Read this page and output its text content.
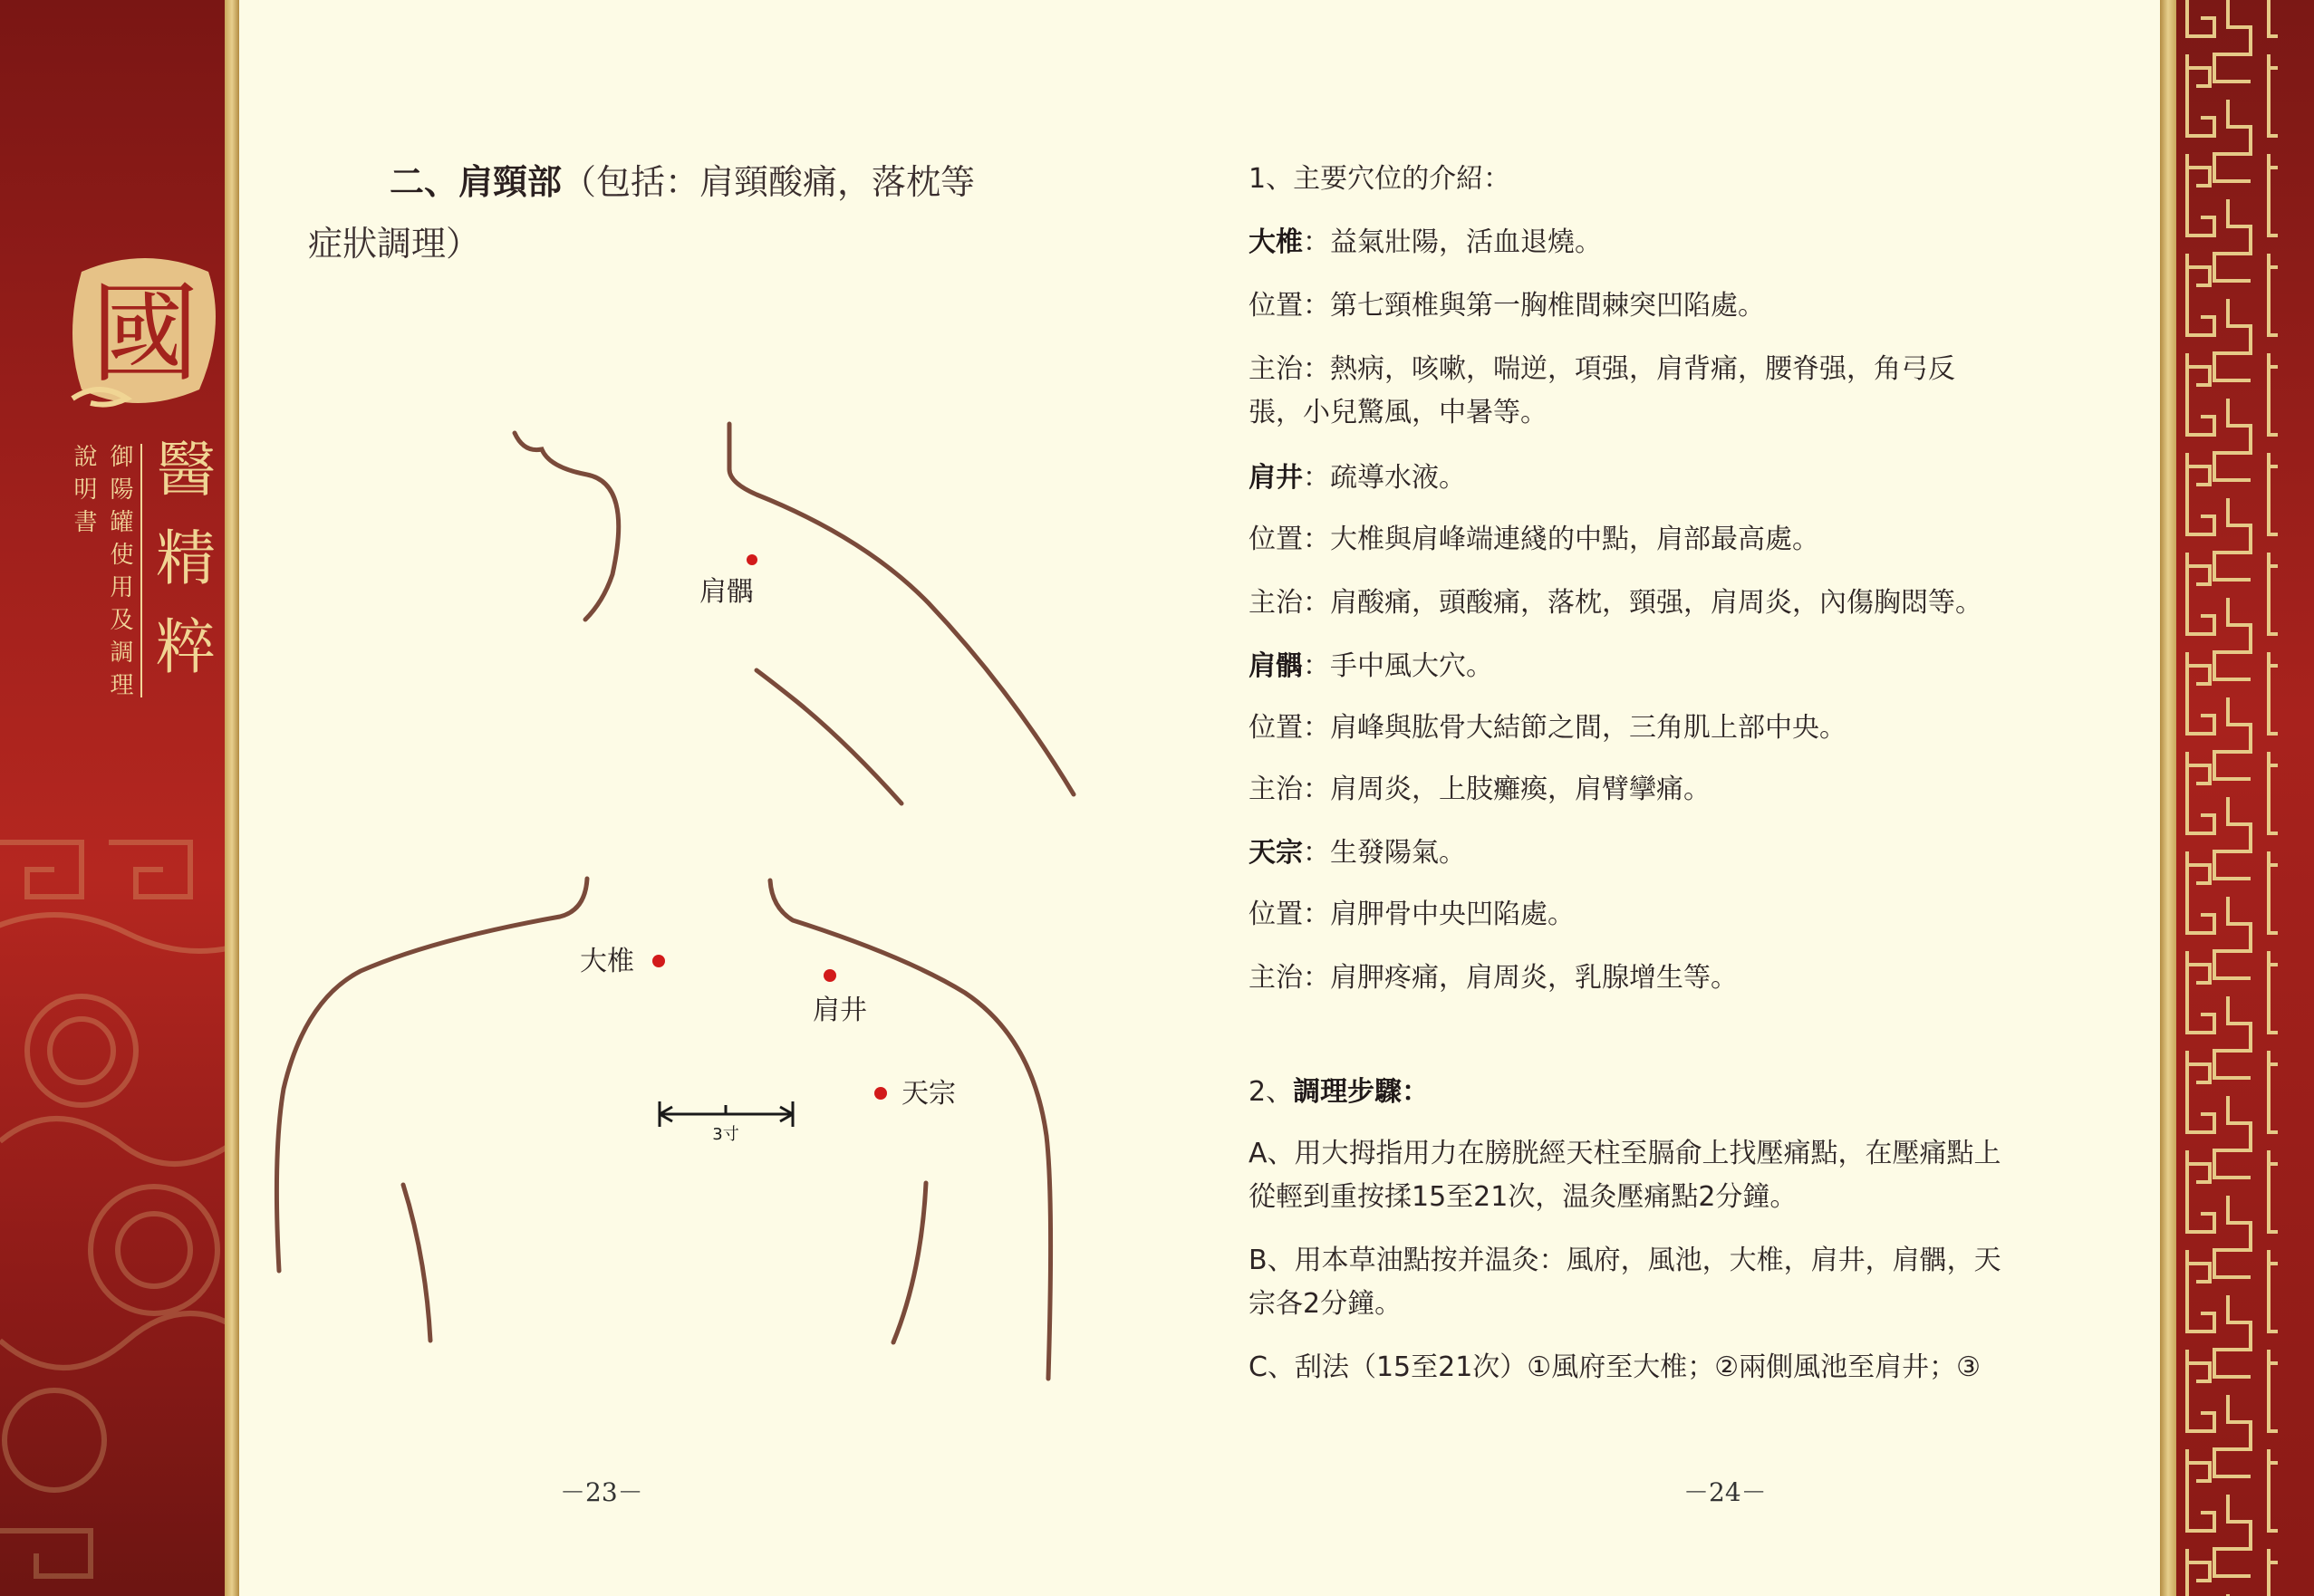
國
醫
精
粹
御陽罐使用及調理
說明書
二、肩頸部（包括：肩頸酸痛，落枕等
症狀調理）
肩髃
大椎
肩井
天宗
3寸
－23－
1、主要穴位的介紹：
大椎：益氣壯陽，活血退燒。
位置：第七頸椎與第一胸椎間棘突凹陷處。
主治：熱病，咳嗽，喘逆，項强，肩背痛，腰脊强，角弓反
張，小兒驚風，中暑等。
肩井：疏導水液。
位置：大椎與肩峰端連綫的中點，肩部最高處。
主治：肩酸痛，頭酸痛，落枕，頸强，肩周炎，內傷胸悶等。
肩髃：手中風大穴。
位置：肩峰與肱骨大結節之間，三角肌上部中央。
主治：肩周炎，上肢癱瘓，肩臂攣痛。
天宗：生發陽氣。
位置：肩胛骨中央凹陷處。
主治：肩胛疼痛，肩周炎，乳腺增生等。
2、調理步驟：
A、用大拇指用力在膀胱經天柱至膈俞上找壓痛點，在壓痛點上
從輕到重按揉15至21次，温灸壓痛點2分鐘。
B、用本草油點按并温灸：風府，風池，大椎，肩井，肩髃，天
宗各2分鐘。
C、刮法（15至21次）①風府至大椎；②兩側風池至肩井；③
－24－
